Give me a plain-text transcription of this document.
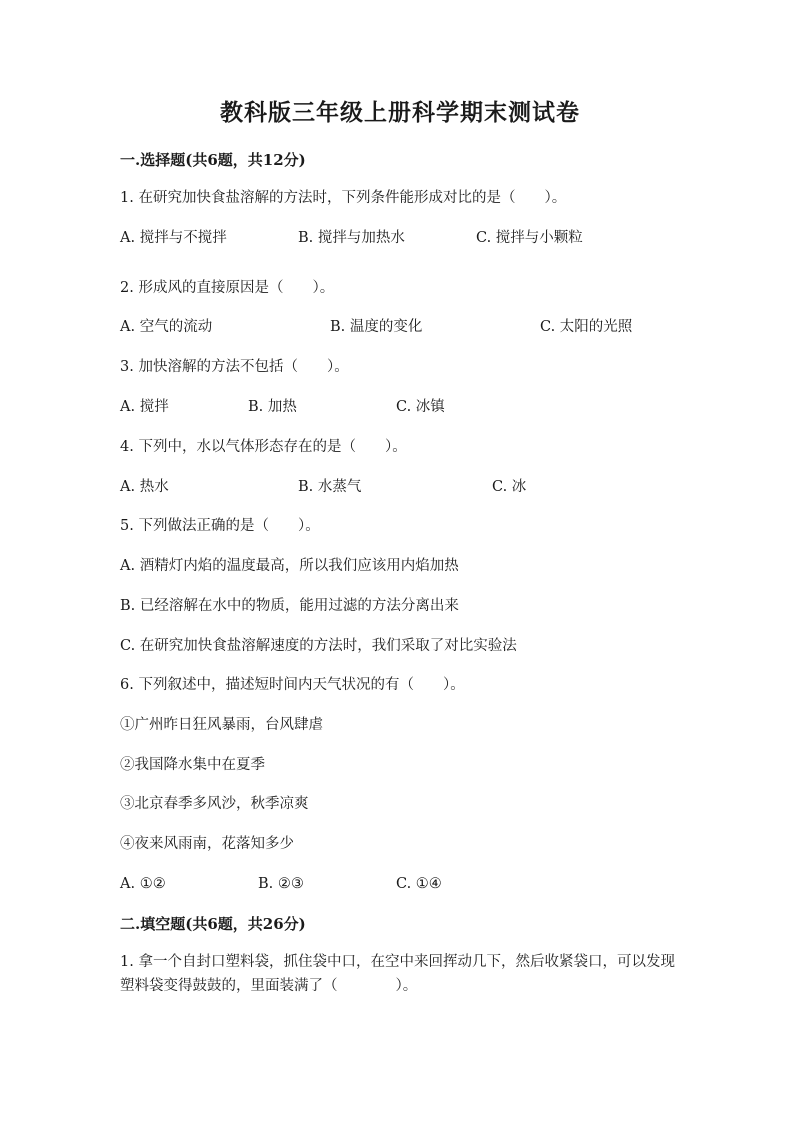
教科版三年级上册科学期末测试卷
一.选择题(共6题，共12分)
1. 在研究加快食盐溶解的方法时，下列条件能形成对比的是（　　）。
A. 搅拌与不搅拌	B. 搅拌与加热水	C. 搅拌与小颗粒
2. 形成风的直接原因是（　　）。
A. 空气的流动	B. 温度的变化	C. 太阳的光照
3. 加快溶解的方法不包括（　　）。
A. 搅拌	B. 加热	C. 冰镇
4. 下列中，水以气体形态存在的是（　　）。
A. 热水	B. 水蒸气	C. 冰
5. 下列做法正确的是（　　）。
A. 酒精灯内焰的温度最高，所以我们应该用内焰加热
B. 已经溶解在水中的物质，能用过滤的方法分离出来
C. 在研究加快食盐溶解速度的方法时，我们采取了对比实验法
6. 下列叙述中，描述短时间内天气状况的有（　　）。
①广州昨日狂风暴雨，台风肆虐
②我国降水集中在夏季
③北京春季多风沙，秋季凉爽
④夜来风雨南，花落知多少
A. ①②	B. ②③	C. ①④
二.填空题(共6题，共26分)
1. 拿一个自封口塑料袋，抓住袋中口，在空中来回挥动几下，然后收紧袋口，可以发现塑料袋变得鼓鼓的，里面装满了（　　　　）。
